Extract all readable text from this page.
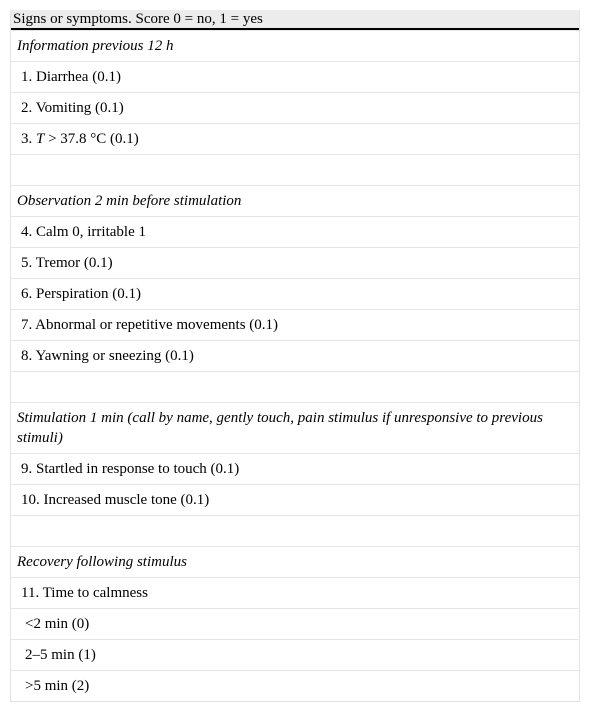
Signs or symptoms. Score 0 = no, 1 = yes
Information previous 12 h
1. Diarrhea (0.1)
2. Vomiting (0.1)
3. T > 37.8 °C (0.1)
Observation 2 min before stimulation
4. Calm 0, irritable 1
5. Tremor (0.1)
6. Perspiration (0.1)
7. Abnormal or repetitive movements (0.1)
8. Yawning or sneezing (0.1)
Stimulation 1 min (call by name, gently touch, pain stimulus if unresponsive to previous stimuli)
9. Startled in response to touch (0.1)
10. Increased muscle tone (0.1)
Recovery following stimulus
11. Time to calmness
<2 min (0)
2–5 min (1)
>5 min (2)
